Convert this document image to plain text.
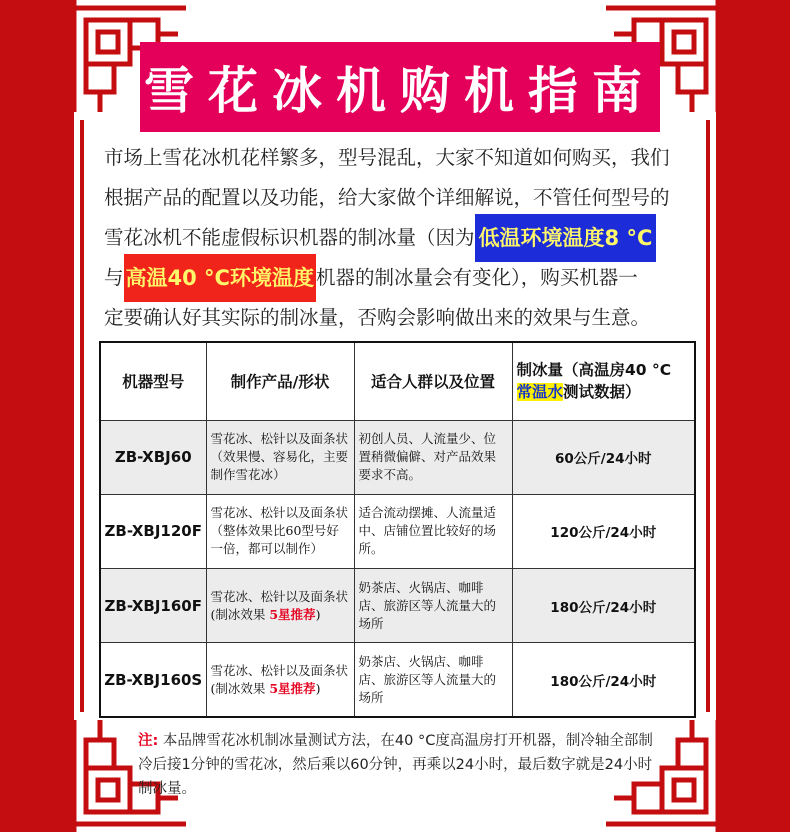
雪花冰机购机指南
市场上雪花冰机花样繁多，型号混乱，大家不知道如何购买，我们
根据产品的配置以及功能，给大家做个详细解说，不管任何型号的
雪花冰机不能虚假标识机器的制冰量（因为 低温环境温度8 °C
与 高温40 °C环境温度 机器的制冰量会有变化），购买机器一
定要确认好其实际的制冰量，否购会影响做出来的效果与生意。
机器型号	制作产品/形状	适合人群以及位置	制冰量（高温房40 °C
常温水测试数据）
ZB-XBJ60	雪花冰、松针以及面条状（效果慢、容易化，主要制作雪花冰）	初创人员、人流量少、位置稍微偏僻、对产品效果要求不高。	60公斤/24小时
ZB-XBJ120F	雪花冰、松针以及面条状（整体效果比60型号好一倍，都可以制作）	适合流动摆摊、人流量适中、店铺位置比较好的场所。	120公斤/24小时
ZB-XBJ160F	雪花冰、松针以及面条状(制冰效果 5星推荐)	奶茶店、火锅店、咖啡店、旅游区等人流量大的场所	180公斤/24小时
ZB-XBJ160S	雪花冰、松针以及面条状(制冰效果 5星推荐)	奶茶店、火锅店、咖啡店、旅游区等人流量大的场所	180公斤/24小时
注: 本品牌雪花冰机制冰量测试方法，在40 °C度高温房打开机器，制冷轴全部制冷后接1分钟的雪花冰，然后乘以60分钟，再乘以24小时，最后数字就是24小时制冰量。
